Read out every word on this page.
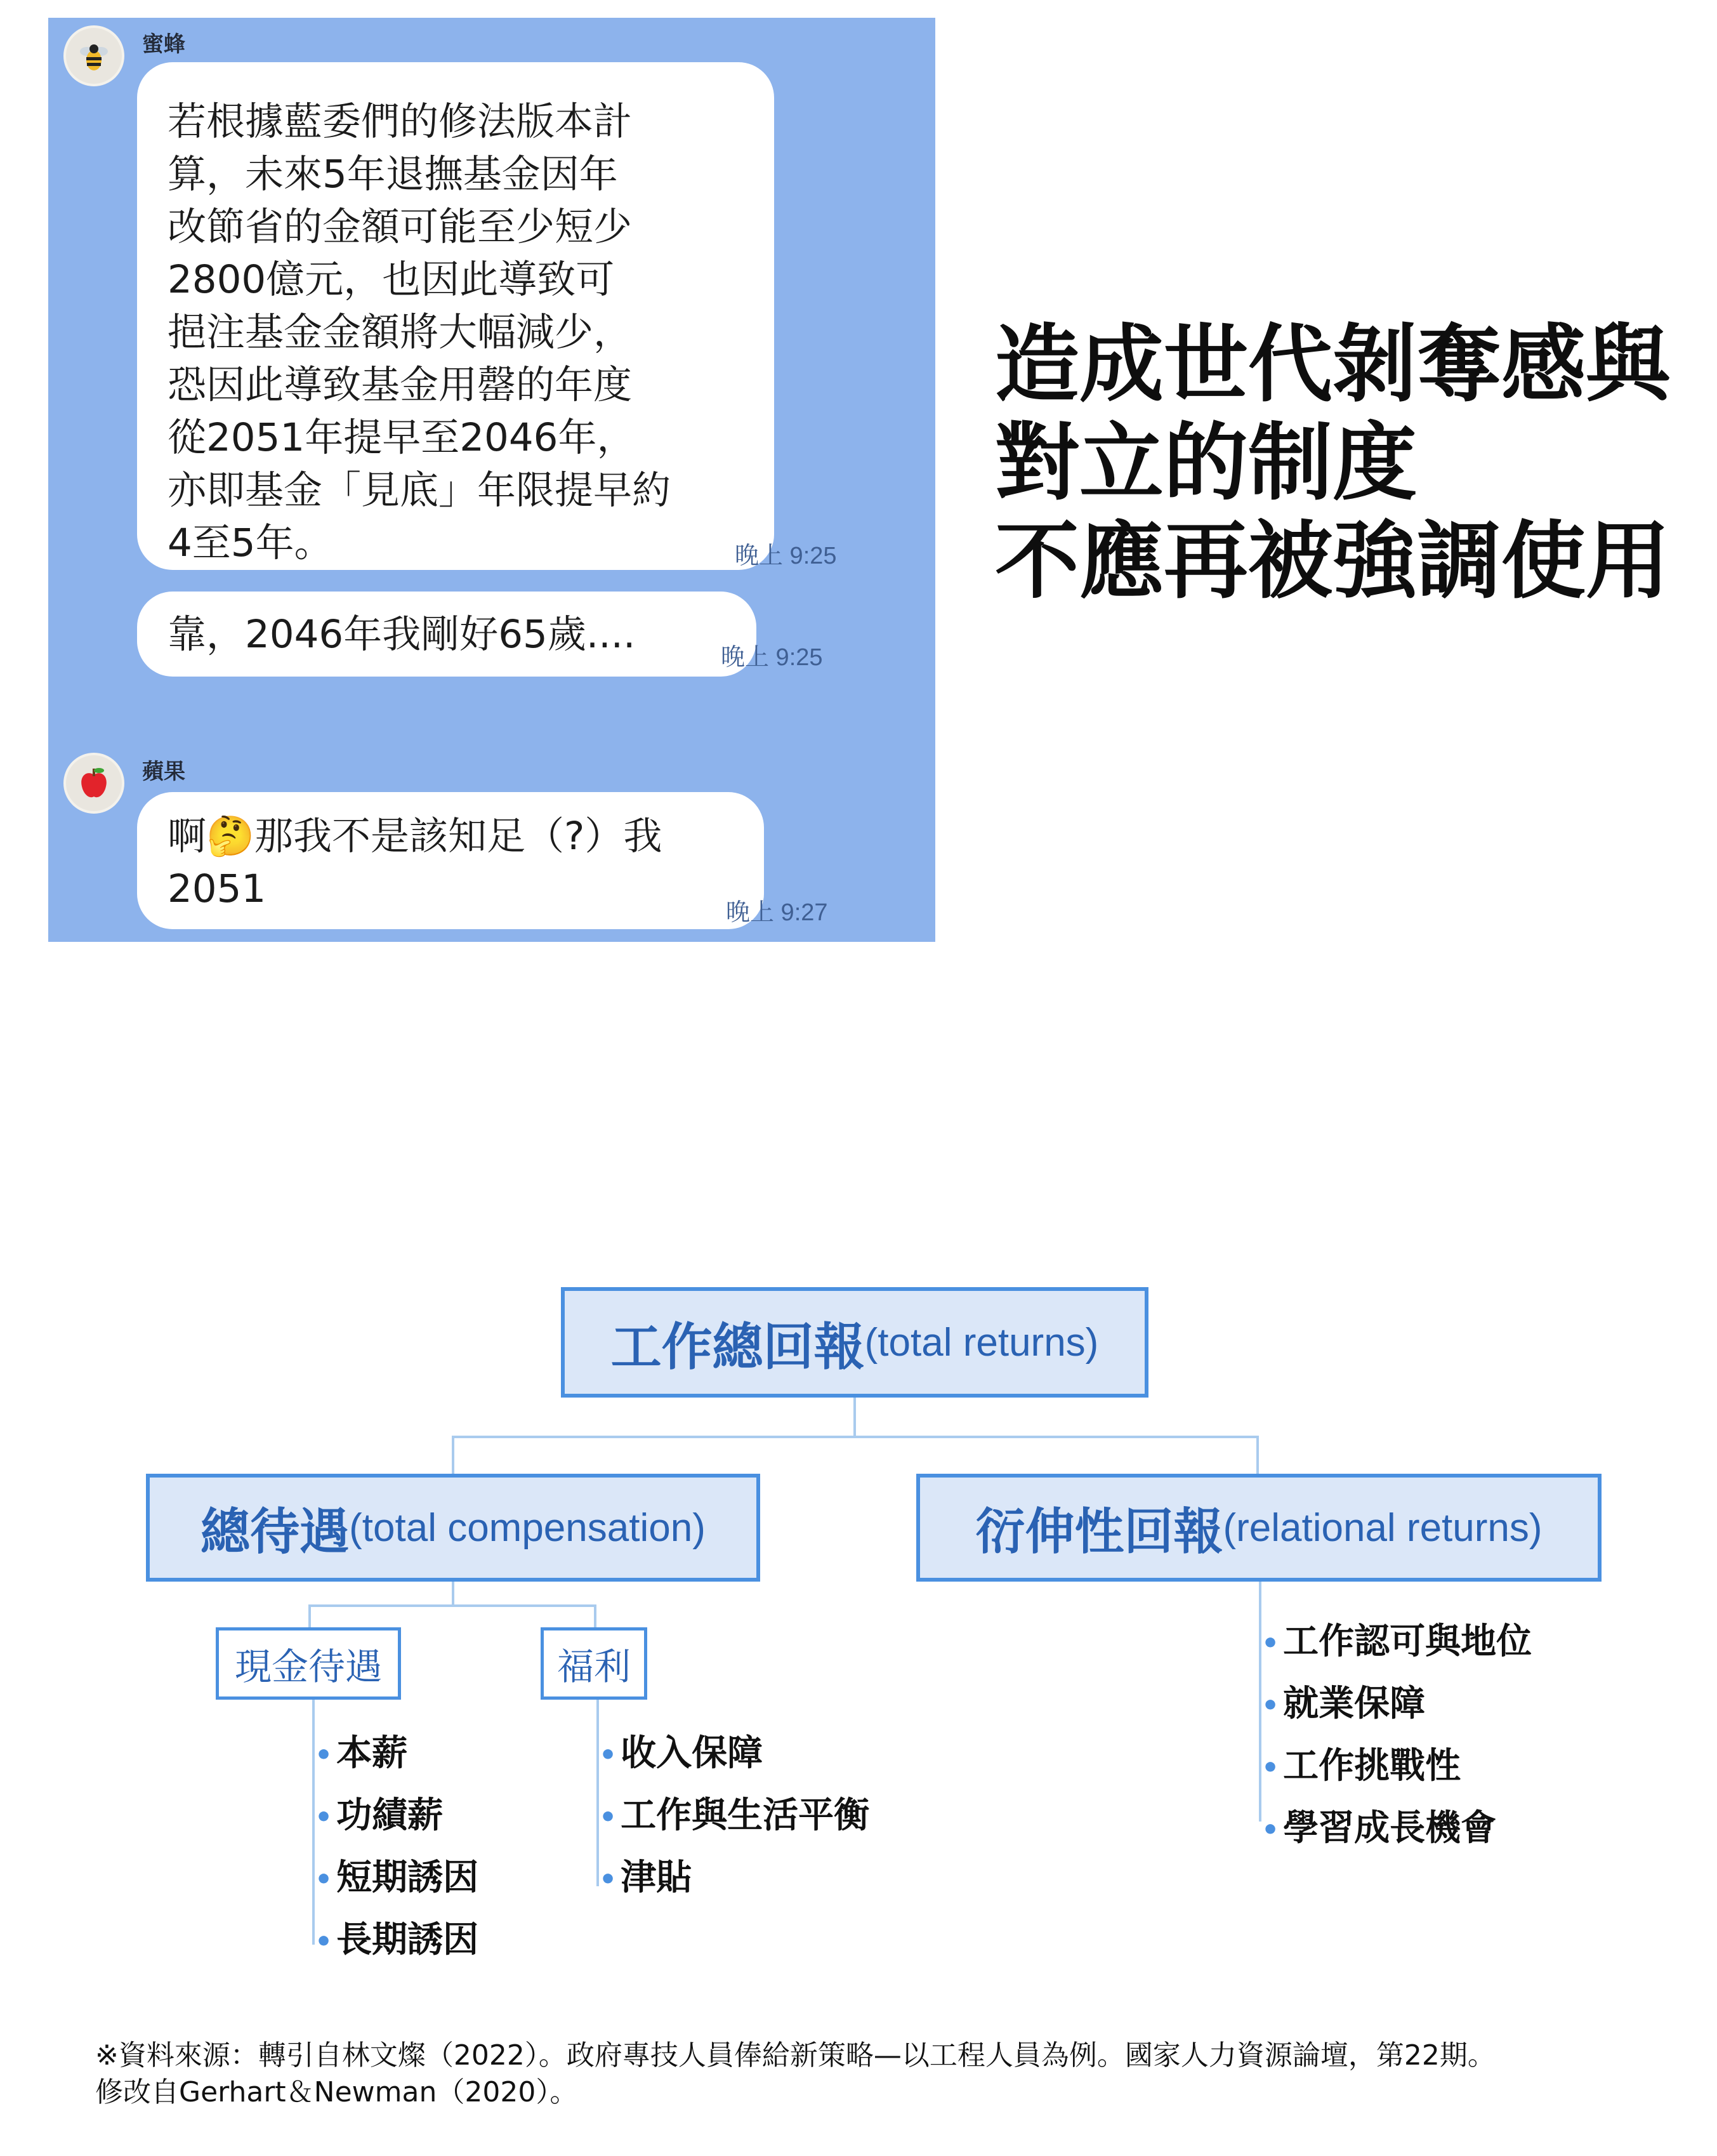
蜜蜂
若根據藍委們的修法版本計
算，未來5年退撫基金因年
改節省的金額可能至少短少
2800億元，也因此導致可
挹注基金金額將大幅減少，
恐因此導致基金用罄的年度
從2051年提早至2046年，
亦即基金「見底」年限提早約
4至5年。	晚上 9:25
靠，2046年我剛好65歲....
晚上 9:25
蘋果
啊🤔那我不是該知足（?）我
2051
晚上 9:27
造成世代剝奪感與
對立的制度
不應再被強調使用
工作總回報 (total returns)
總待遇 (total compensation)	衍伸性回報 (relational returns)
現金待遇	福利
• 本薪
• 功績薪
• 短期誘因
• 長期誘因
• 收入保障
• 工作與生活平衡
• 津貼
• 工作認可與地位
• 就業保障
• 工作挑戰性
• 學習成長機會
※資料來源：轉引自林文燦（2022）。政府專技人員俸給新策略—以工程人員為例。國家人力資源論壇，第22期。
修改自Gerhart＆Newman（2020）。
